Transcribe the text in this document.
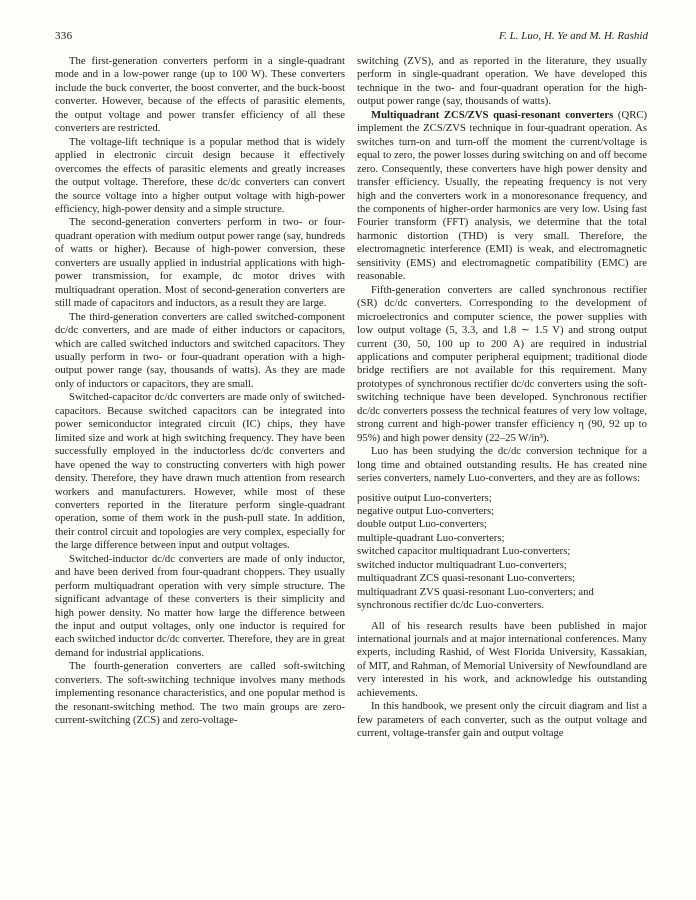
336	F. L. Luo, H. Ye and M. H. Rashid

The first-generation converters perform in a single-quadrant mode and in a low-power range (up to 100 W). These converters include the buck converter, the boost converter, and the buck-boost converter. However, because of the effects of parasitic elements, the output voltage and power transfer efficiency of all these converters are restricted.

The voltage-lift technique is a popular method that is widely applied in electronic circuit design because it effectively overcomes the effects of parasitic elements and greatly increases the output voltage. Therefore, these dc/dc converters can convert the source voltage into a higher output voltage with high-power efficiency, high-power density and a simple structure.

The second-generation converters perform in two- or four-quadrant operation with medium output power range (say, hundreds of watts or higher). Because of high-power conversion, these converters are usually applied in industrial applications with high-power transmission, for example, dc motor drives with multiquadrant operation. Most of second-generation converters are still made of capacitors and inductors, as a result they are large.

The third-generation converters are called switched-component dc/dc converters, and are made of either inductors or capacitors, which are called switched inductors and switched capacitors. They usually perform in two- or four-quadrant operation with a high-output power range (say, thousands of watts). As they are made only of inductors or capacitors, they are small.

Switched-capacitor dc/dc converters are made only of switched-capacitors. Because switched capacitors can be integrated into power semiconductor integrated circuit (IC) chips, they have limited size and work at high switching frequency. They have been successfully employed in the inductorless dc/dc converters and have opened the way to constructing converters with high power density. Therefore, they have drawn much attention from research workers and manufacturers. However, while most of these converters reported in the literature perform single-quadrant operation, some of them work in the push-pull state. In addition, their control circuit and topologies are very complex, especially for the large difference between input and output voltages.

Switched-inductor dc/dc converters are made of only inductor, and have been derived from four-quadrant choppers. They usually perform multiquadrant operation with very simple structure. The significant advantage of these converters is their simplicity and high power density. No matter how large the difference between the input and output voltages, only one inductor is required for each switched inductor dc/dc converter. Therefore, they are in great demand for industrial applications.

The fourth-generation converters are called soft-switching converters. The soft-switching technique involves many methods implementing resonance characteristics, and one popular method is the resonant-switching method. The two main groups are zero-current-switching (ZCS) and zero-voltage-

switching (ZVS), and as reported in the literature, they usually perform in single-quadrant operation. We have developed this technique in the two- and four-quadrant operation for the high-output power range (say, thousands of watts).

Multiquadrant ZCS/ZVS quasi-resonant converters (QRC) implement the ZCS/ZVS technique in four-quadrant operation. As switches turn-on and turn-off the moment the current/voltage is equal to zero, the power losses during switching on and off become zero. Consequently, these converters have high power density and transfer efficiency. Usually, the repeating frequency is not very high and the converters work in a monoresonance frequency, and the components of higher-order harmonics are very low. Using fast Fourier transform (FFT) analysis, we determine that the total harmonic distortion (THD) is very small. Therefore, the electromagnetic interference (EMI) is weak, and electromagnetic sensitivity (EMS) and electromagnetic compatibility (EMC) are reasonable.

Fifth-generation converters are called synchronous rectifier (SR) dc/dc converters. Corresponding to the development of microelectronics and computer science, the power supplies with low output voltage (5, 3.3, and 1.8 ∼ 1.5 V) and strong output current (30, 50, 100 up to 200 A) are required in industrial applications and computer peripheral equipment; traditional diode bridge rectifiers are not available for this requirement. Many prototypes of synchronous rectifier dc/dc converters using the soft-switching technique have been developed. Synchronous rectifier dc/dc converters possess the technical features of very low voltage, strong current and high-power transfer efficiency η (90, 92 up to 95%) and high power density (22–25 W/in³).

Luo has been studying the dc/dc conversion technique for a long time and obtained outstanding results. He has created nine series converters, namely Luo-converters, and they are as follows:

positive output Luo-converters;
negative output Luo-converters;
double output Luo-converters;
multiple-quadrant Luo-converters;
switched capacitor multiquadrant Luo-converters;
switched inductor multiquadrant Luo-converters;
multiquadrant ZCS quasi-resonant Luo-converters;
multiquadrant ZVS quasi-resonant Luo-converters; and
synchronous rectifier dc/dc Luo-converters.

All of his research results have been published in major international journals and at major international conferences. Many experts, including Rashid, of West Florida University, Kassakian, of MIT, and Rahman, of Memorial University of Newfoundland are very interested in his work, and acknowledge his outstanding achievements.

In this handbook, we present only the circuit diagram and list a few parameters of each converter, such as the output voltage and current, voltage-transfer gain and output voltage
